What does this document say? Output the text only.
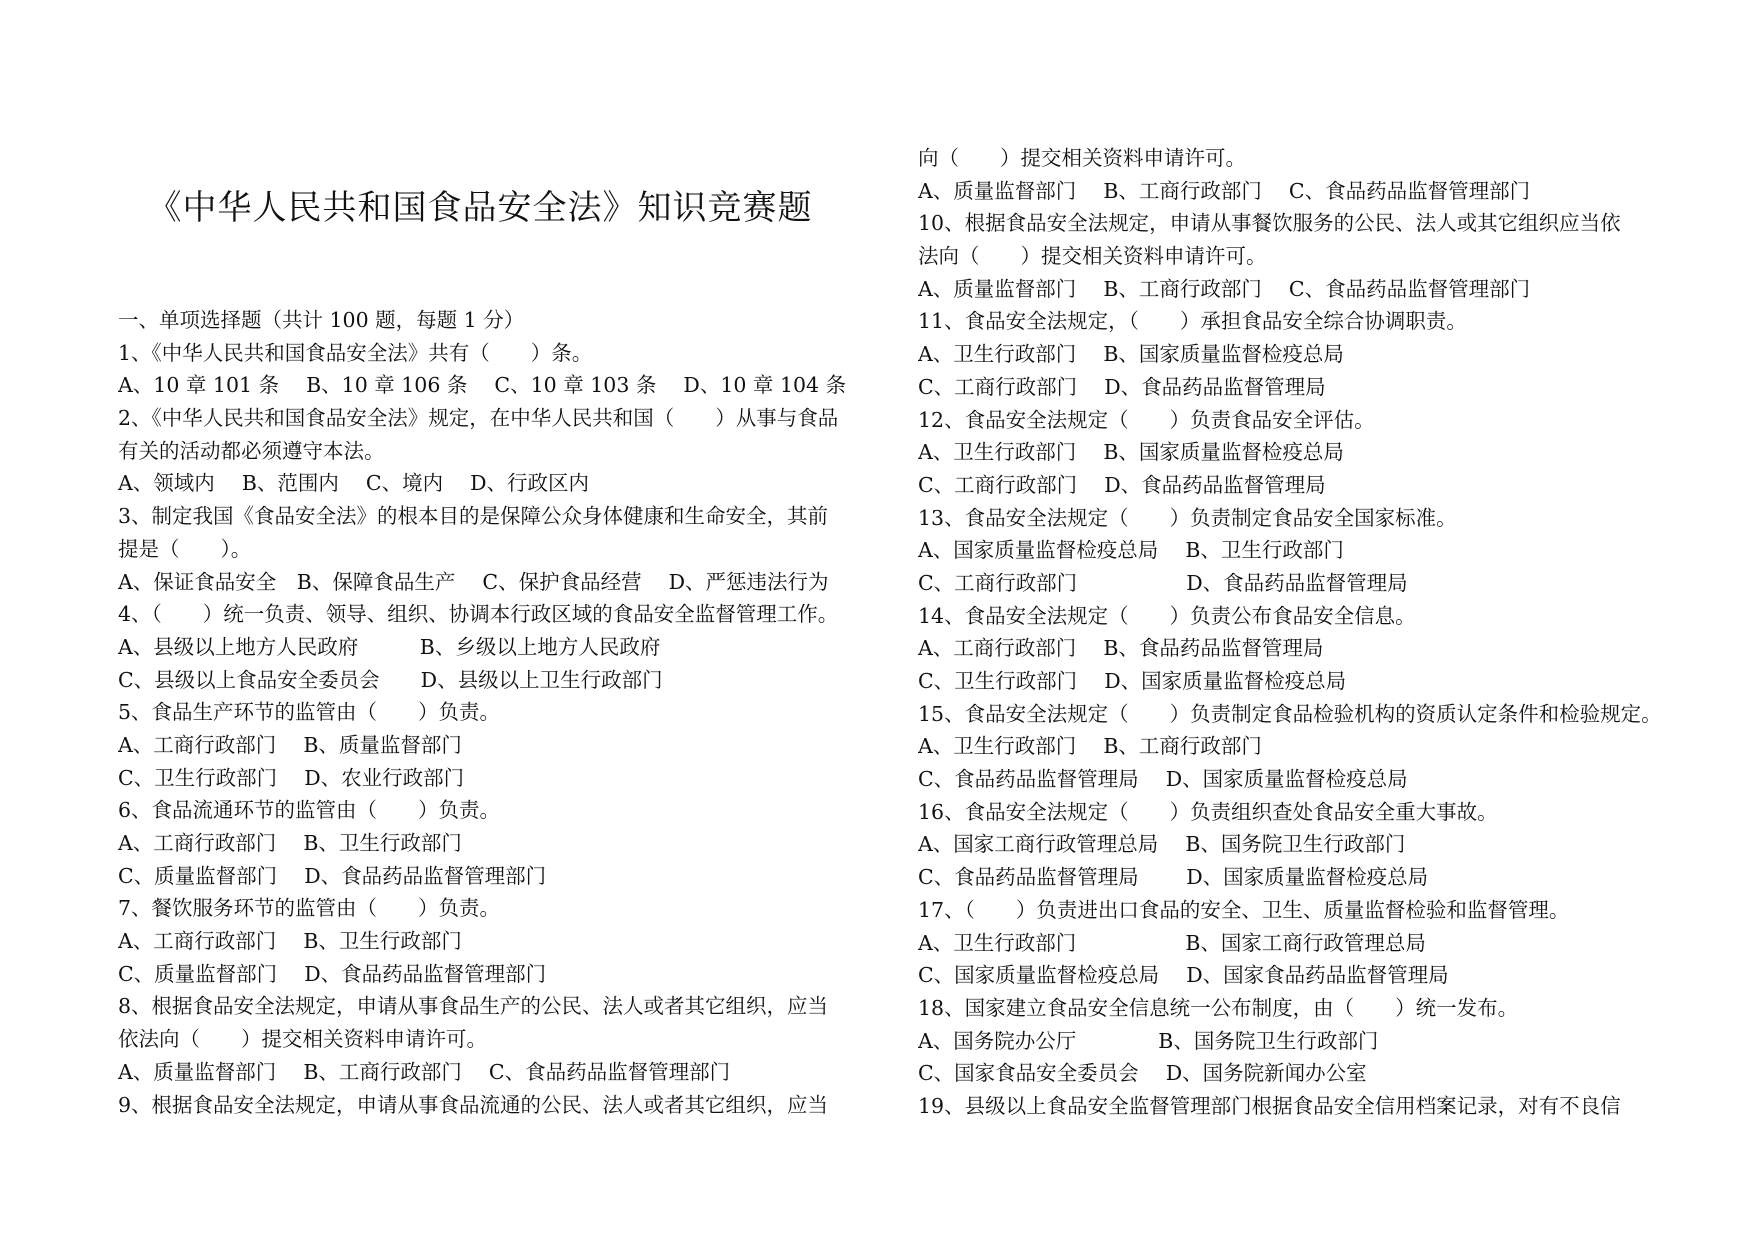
《中华人民共和国食品安全法》知识竞赛题
一、单项选择题（共计 100 题，每题 1 分）
1、《中华人民共和国食品安全法》共有（　　）条。
A、10 章 101 条　 B、10 章 106 条　 C、10 章 103 条　 D、10 章 104 条
2、《中华人民共和国食品安全法》规定，在中华人民共和国（　　）从事与食品
有关的活动都必须遵守本法。
A、领域内　 B、范围内　 C、境内　 D、行政区内
3、制定我国《食品安全法》的根本目的是保障公众身体健康和生命安全，其前
提是（　　）。
A、保证食品安全　B、保障食品生产　 C、保护食品经营　 D、严惩违法行为
4、（　　）统一负责、领导、组织、协调本行政区域的食品安全监督管理工作。
A、县级以上地方人民政府　　　B、乡级以上地方人民政府
C、县级以上食品安全委员会　　D、县级以上卫生行政部门
5、食品生产环节的监管由（　　）负责。
A、工商行政部门　 B、质量监督部门
C、卫生行政部门　 D、农业行政部门
6、食品流通环节的监管由（　　）负责。
A、工商行政部门　 B、卫生行政部门
C、质量监督部门　 D、食品药品监督管理部门
7、餐饮服务环节的监管由（　　）负责。
A、工商行政部门　 B、卫生行政部门
C、质量监督部门　 D、食品药品监督管理部门
8、根据食品安全法规定，申请从事食品生产的公民、法人或者其它组织，应当
依法向（　　）提交相关资料申请许可。
A、质量监督部门　 B、工商行政部门　 C、食品药品监督管理部门
9、根据食品安全法规定，申请从事食品流通的公民、法人或者其它组织，应当
向（　　）提交相关资料申请许可。
A、质量监督部门　 B、工商行政部门　 C、食品药品监督管理部门
10、根据食品安全法规定，申请从事餐饮服务的公民、法人或其它组织应当依
法向（　　）提交相关资料申请许可。
A、质量监督部门　 B、工商行政部门　 C、食品药品监督管理部门
11、食品安全法规定，（　　）承担食品安全综合协调职责。
A、卫生行政部门　 B、国家质量监督检疫总局
C、工商行政部门　 D、食品药品监督管理局
12、食品安全法规定（　　）负责食品安全评估。
A、卫生行政部门　 B、国家质量监督检疫总局
C、工商行政部门　 D、食品药品监督管理局
13、食品安全法规定（　　）负责制定食品安全国家标准。
A、国家质量监督检疫总局　 B、卫生行政部门
C、工商行政部门　　　　　 D、食品药品监督管理局
14、食品安全法规定（　　）负责公布食品安全信息。
A、工商行政部门　 B、食品药品监督管理局
C、卫生行政部门　 D、国家质量监督检疫总局
15、食品安全法规定（　　）负责制定食品检验机构的资质认定条件和检验规定。
A、卫生行政部门　 B、工商行政部门
C、食品药品监督管理局　 D、国家质量监督检疫总局
16、食品安全法规定（　　）负责组织查处食品安全重大事故。
A、国家工商行政管理总局　 B、国务院卫生行政部门
C、食品药品监督管理局　　 D、国家质量监督检疫总局
17、（　　）负责进出口食品的安全、卫生、质量监督检验和监督管理。
A、卫生行政部门　　　　　 B、国家工商行政管理总局
C、国家质量监督检疫总局　 D、国家食品药品监督管理局
18、国家建立食品安全信息统一公布制度，由（　　）统一发布。
A、国务院办公厅　　　　B、国务院卫生行政部门
C、国家食品安全委员会　 D、国务院新闻办公室
19、县级以上食品安全监督管理部门根据食品安全信用档案记录，对有不良信
